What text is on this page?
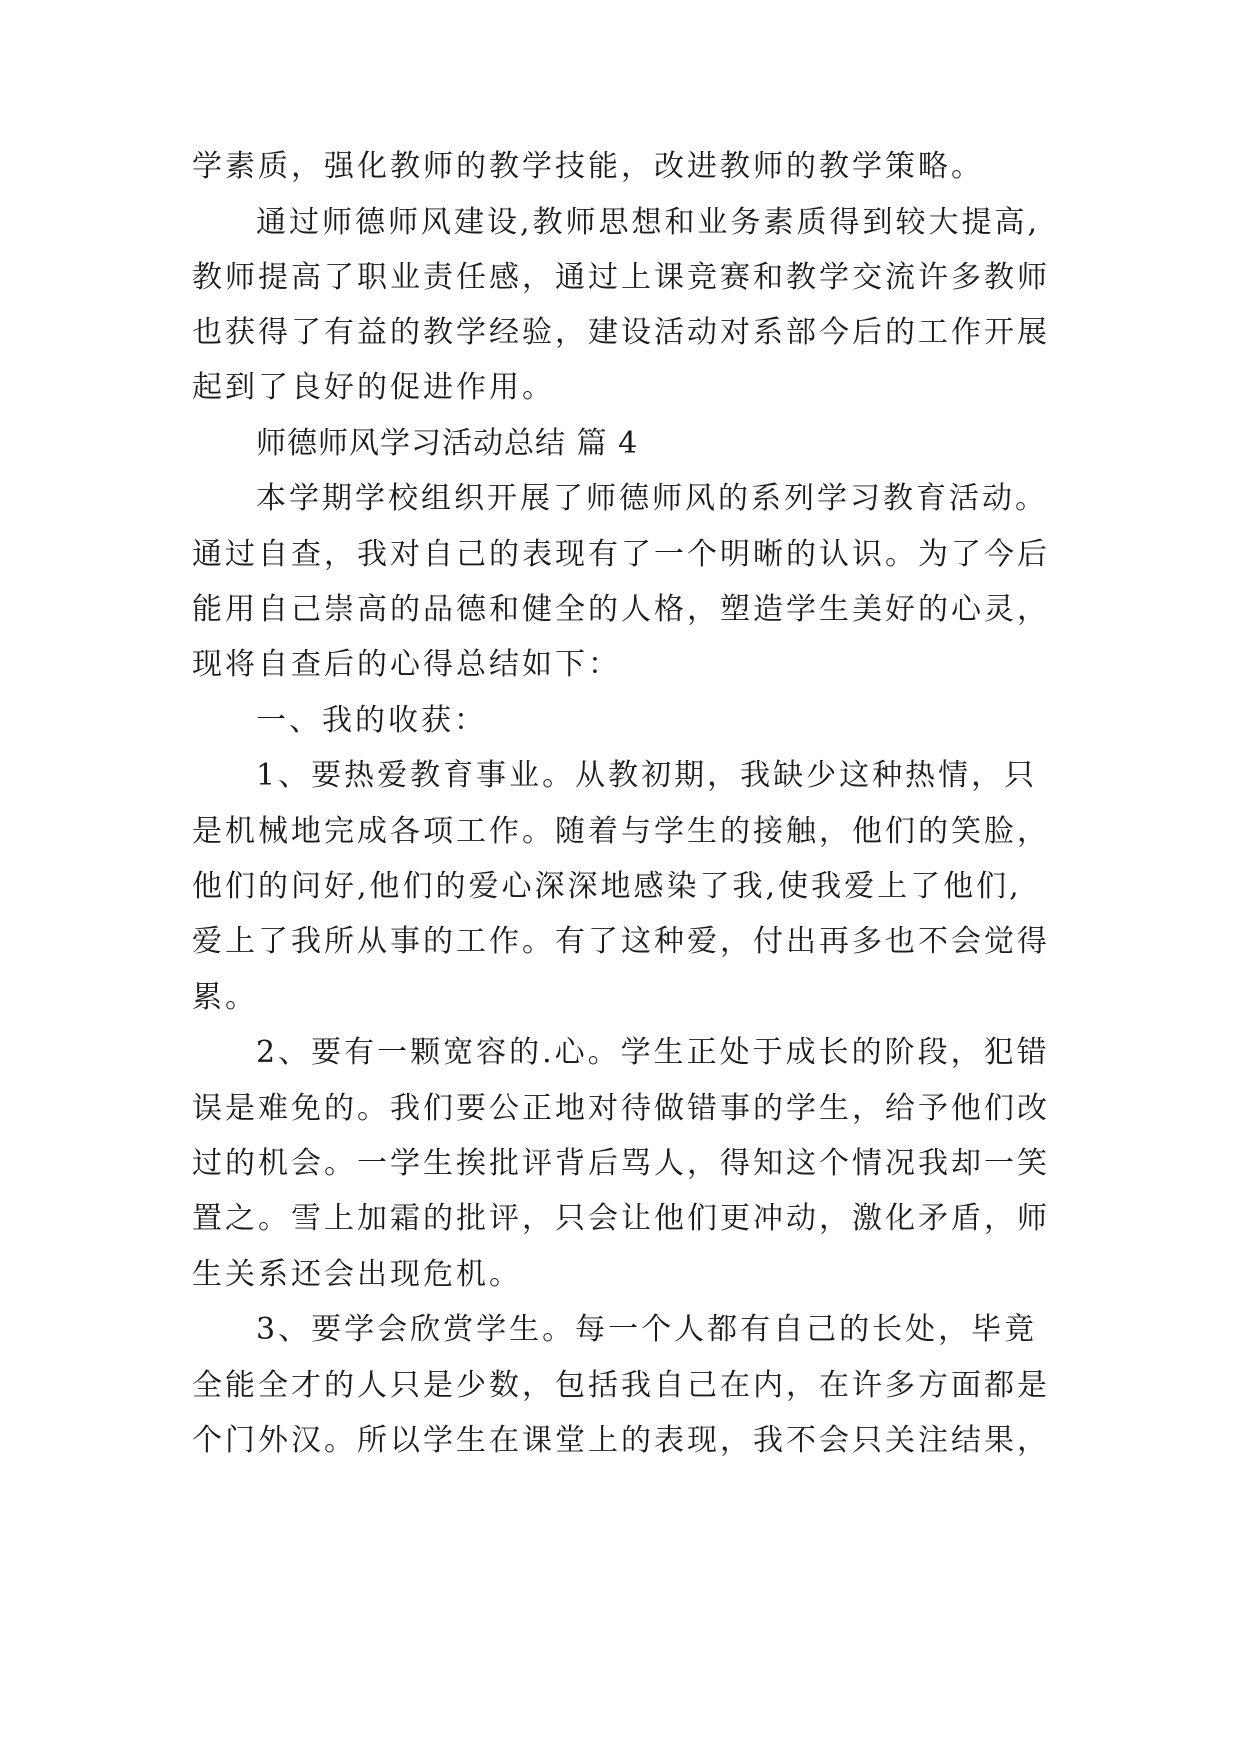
学素质，强化教师的教学技能，改进教师的教学策略。
通过师德师风建设,教师思想和业务素质得到较大提高,
教师提高了职业责任感，通过上课竞赛和教学交流许多教师
也获得了有益的教学经验，建设活动对系部今后的工作开展
起到了良好的促进作用。
师德师风学习活动总结 篇 4
本学期学校组织开展了师德师风的系列学习教育活动。
通过自查，我对自己的表现有了一个明晰的认识。为了今后
能用自己崇高的品德和健全的人格，塑造学生美好的心灵，
现将自查后的心得总结如下：
一、我的收获：
1、要热爱教育事业。从教初期，我缺少这种热情，只
是机械地完成各项工作。随着与学生的接触，他们的笑脸，
他们的问好,他们的爱心深深地感染了我,使我爱上了他们,
爱上了我所从事的工作。有了这种爱，付出再多也不会觉得
累。
2、要有一颗宽容的.心。学生正处于成长的阶段，犯错
误是难免的。我们要公正地对待做错事的学生，给予他们改
过的机会。一学生挨批评背后骂人，得知这个情况我却一笑
置之。雪上加霜的批评，只会让他们更冲动，激化矛盾，师
生关系还会出现危机。
3、要学会欣赏学生。每一个人都有自己的长处，毕竟
全能全才的人只是少数，包括我自己在内，在许多方面都是
个门外汉。所以学生在课堂上的表现，我不会只关注结果，
